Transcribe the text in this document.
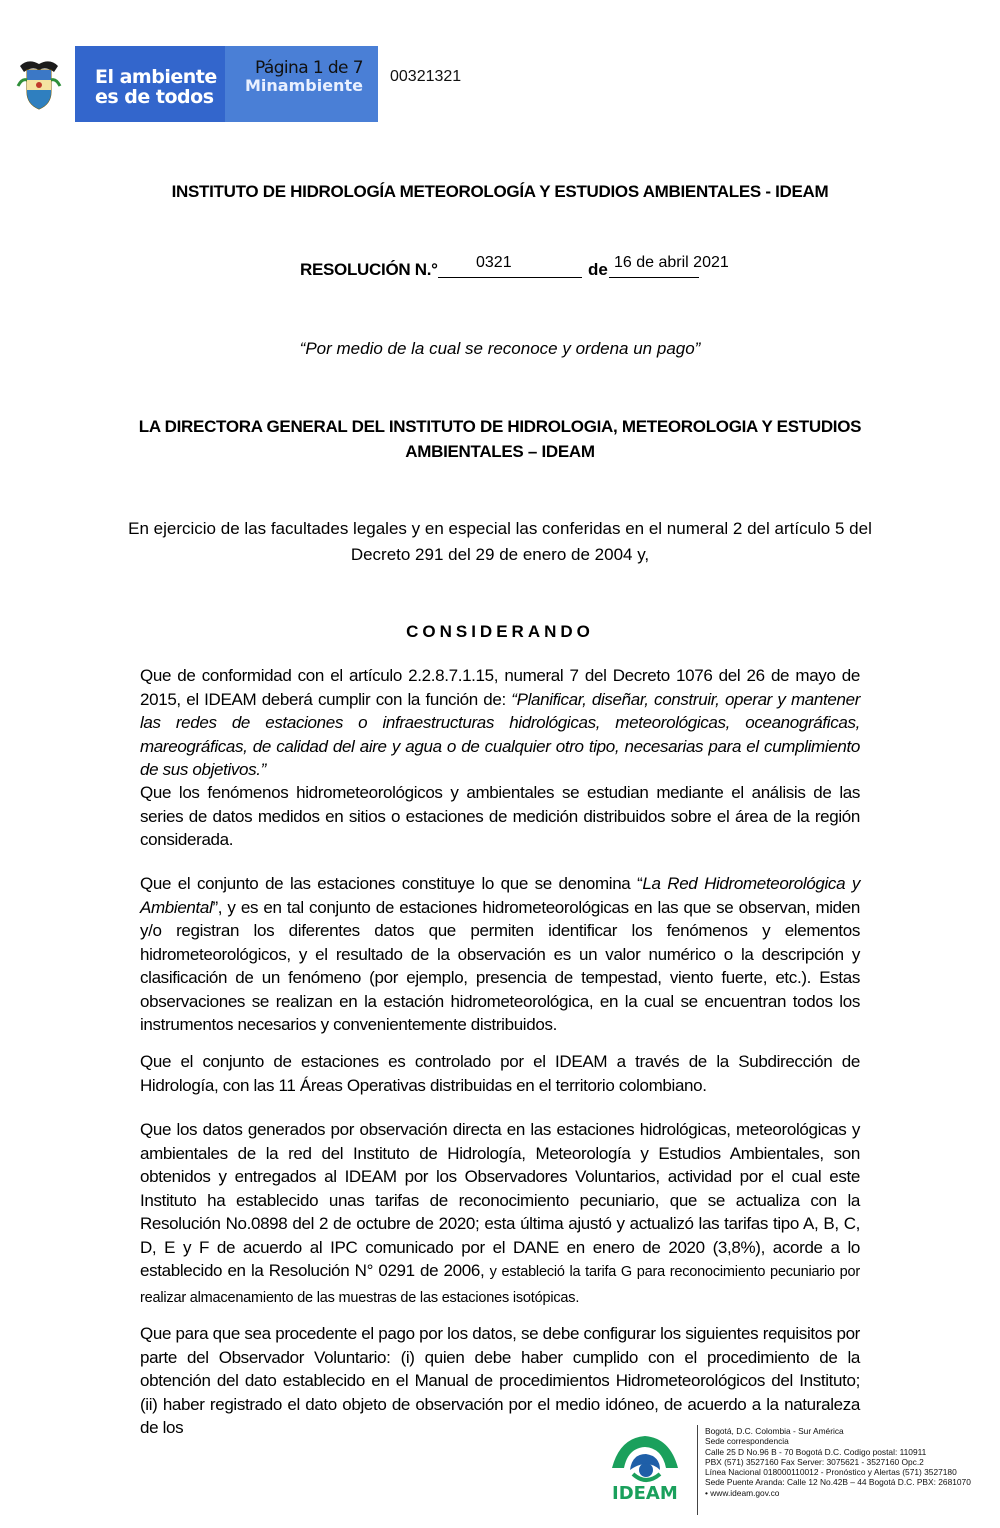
El ambiente
es de todos
Minambiente
Página 1 de 7 00321321
INSTITUTO DE HIDROLOGÍA METEOROLOGÍA Y ESTUDIOS AMBIENTALES - IDEAM
RESOLUCIÓN N.° 0321	de 16 de abril 2021
“Por medio de la cual se reconoce y ordena un pago”
LA DIRECTORA GENERAL DEL INSTITUTO DE HIDROLOGIA, METEOROLOGIA Y ESTUDIOS
AMBIENTALES – IDEAM
En ejercicio de las facultades legales y en especial las conferidas en el numeral 2 del artículo 5 del
Decreto 291 del 29 de enero de 2004 y,
CONSIDERANDO

Que de conformidad con el artículo 2.2.8.7.1.15, numeral 7 del Decreto 1076 del 26 de mayo de 2015, el IDEAM deberá cumplir con la función de: “Planificar, diseñar, construir, operar y mantener las redes de estaciones o infraestructuras hidrológicas, meteorológicas, oceanográficas, mareográficas, de calidad del aire y agua o de cualquier otro tipo, necesarias para el cumplimiento de sus objetivos.”

Que los fenómenos hidrometeorológicos y ambientales se estudian mediante el análisis de las series de datos medidos en sitios o estaciones de medición distribuidos sobre el área de la región considerada.

Que el conjunto de las estaciones constituye lo que se denomina “La Red Hidrometeorológica y Ambiental”, y es en tal conjunto de estaciones hidrometeorológicas en las que se observan, miden y/o registran los diferentes datos que permiten identificar los fenómenos y elementos hidrometeorológicos, y el resultado de la observación es un valor numérico o la descripción y clasificación de un fenómeno (por ejemplo, presencia de tempestad, viento fuerte, etc.). Estas observaciones se realizan en la estación hidrometeorológica, en la cual se encuentran todos los instrumentos necesarios y convenientemente distribuidos.

Que el conjunto de estaciones es controlado por el IDEAM a través de la Subdirección de Hidrología, con las 11 Áreas Operativas distribuidas en el territorio colombiano.

Que los datos generados por observación directa en las estaciones hidrológicas, meteorológicas y ambientales de la red del Instituto de Hidrología, Meteorología y Estudios Ambientales, son obtenidos y entregados al IDEAM por los Observadores Voluntarios, actividad por el cual este Instituto ha establecido unas tarifas de reconocimiento pecuniario, que se actualiza con la Resolución No.0898 del 2 de octubre de 2020; esta última ajustó y actualizó las tarifas tipo A, B, C, D, E y F de acuerdo al IPC comunicado por el DANE en enero de 2020 (3,8%), acorde a lo establecido en la Resolución N° 0291 de 2006, y estableció la tarifa G para reconocimiento pecuniario por realizar almacenamiento de las muestras de las estaciones isotópicas.

Que para que sea procedente el pago por los datos, se debe configurar los siguientes requisitos por parte del Observador Voluntario: (i) quien debe haber cumplido con el procedimiento de la obtención del dato establecido en el Manual de procedimientos Hidrometeorológicos del Instituto; (ii) haber registrado el dato objeto de observación por el medio idóneo, de acuerdo a la naturaleza de los

IDEAM
Bogotá, D.C. Colombia - Sur América
Sede correspondencia
Calle 25 D No.96 B - 70 Bogotá D.C. Codigo postal: 110911
PBX (571) 3527160 Fax Server: 3075621 - 3527160 Opc.2
Línea Nacional 018000110012 - Pronóstico y Alertas (571) 3527180
Sede Puente Aranda: Calle 12 No.42B – 44 Bogotá D.C. PBX: 2681070
• www.ideam.gov.co
